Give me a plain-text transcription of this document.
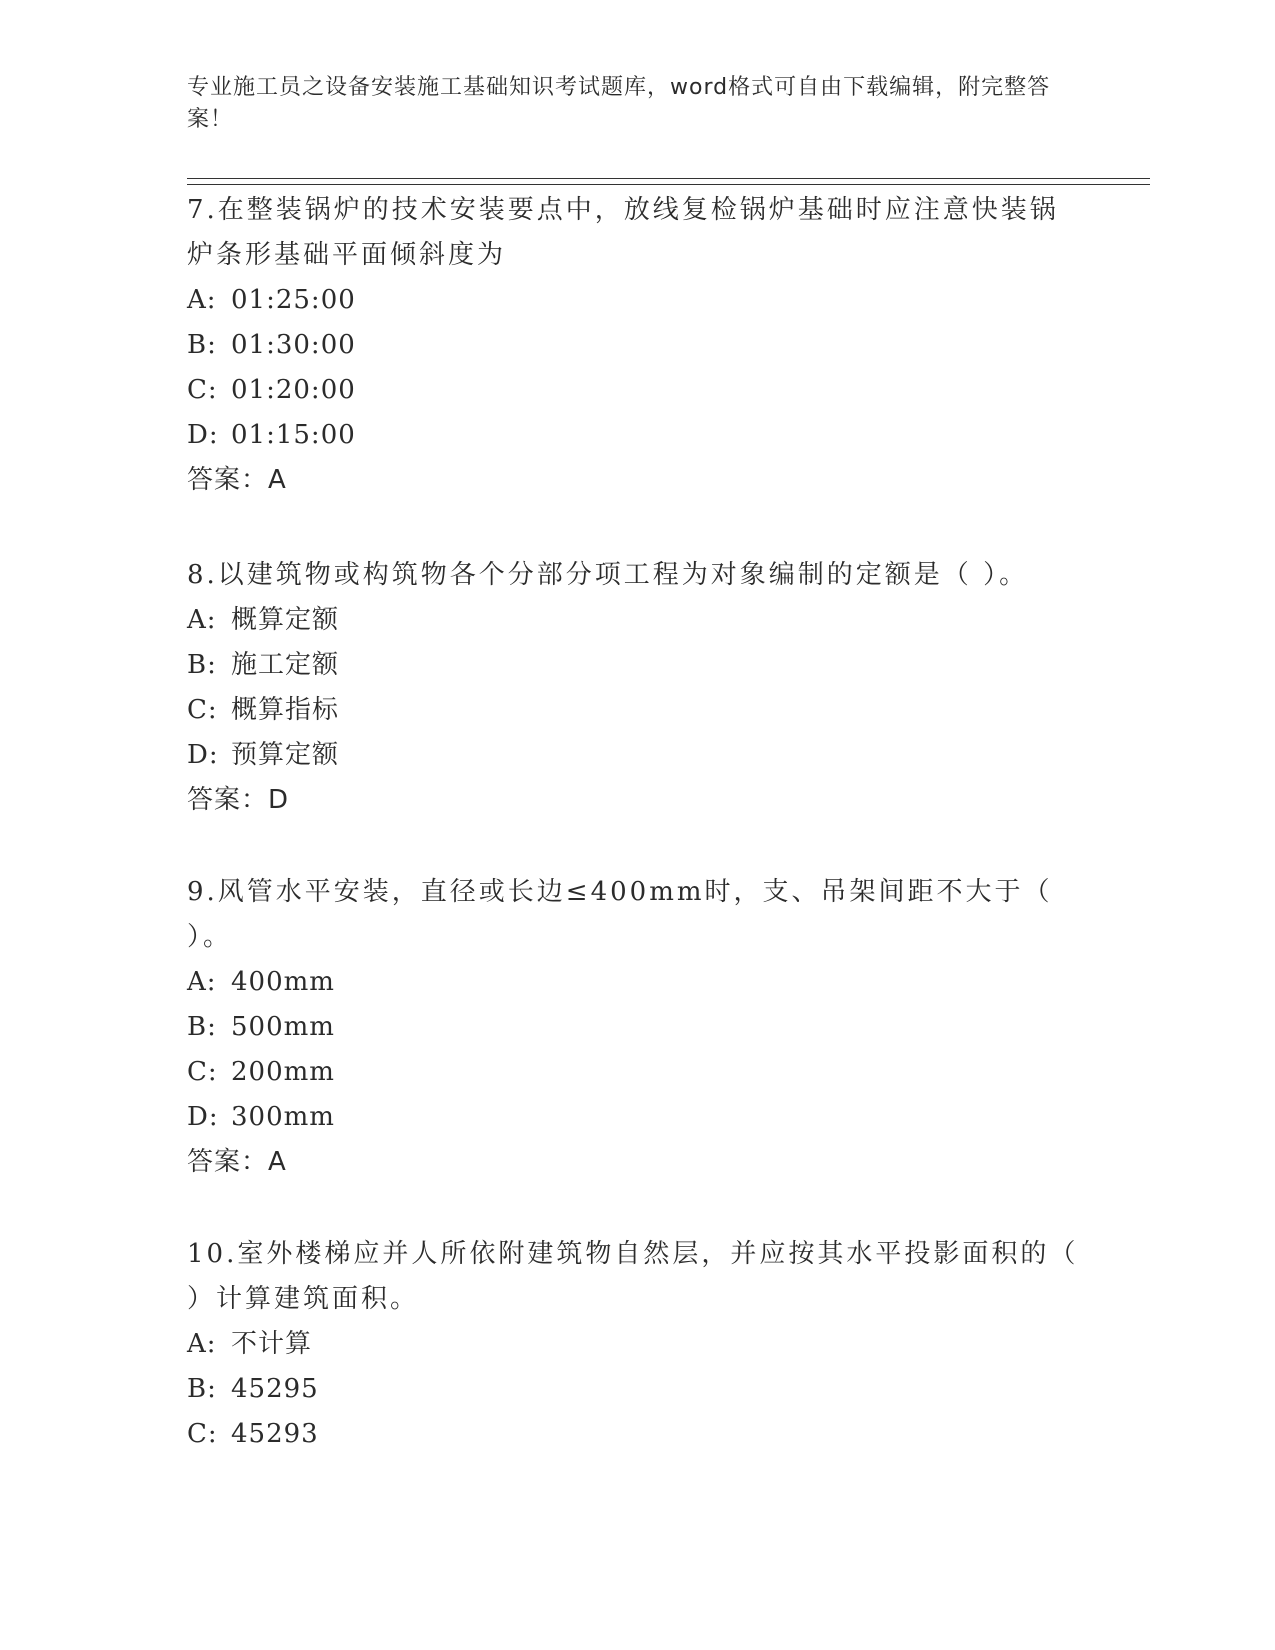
专业施工员之设备安装施工基础知识考试题库，word格式可自由下载编辑，附完整答案！

7.在整装锅炉的技术安装要点中，放线复检锅炉基础时应注意快装锅炉条形基础平面倾斜度为

A: 01:25:00

B: 01:30:00

C: 01:20:00

D: 01:15:00

答案：A

8.以建筑物或构筑物各个分部分项工程为对象编制的定额是（ ）。

A: 概算定额

B: 施工定额

C: 概算指标

D: 预算定额

答案：D

9.风管水平安装，直径或长边≤400mm时，支、吊架间距不大于（ ）。

A: 400mm

B: 500mm

C: 200mm

D: 300mm

答案：A

10.室外楼梯应并人所依附建筑物自然层，并应按其水平投影面积的（ ）计算建筑面积。

A: 不计算

B: 45295

C: 45293
